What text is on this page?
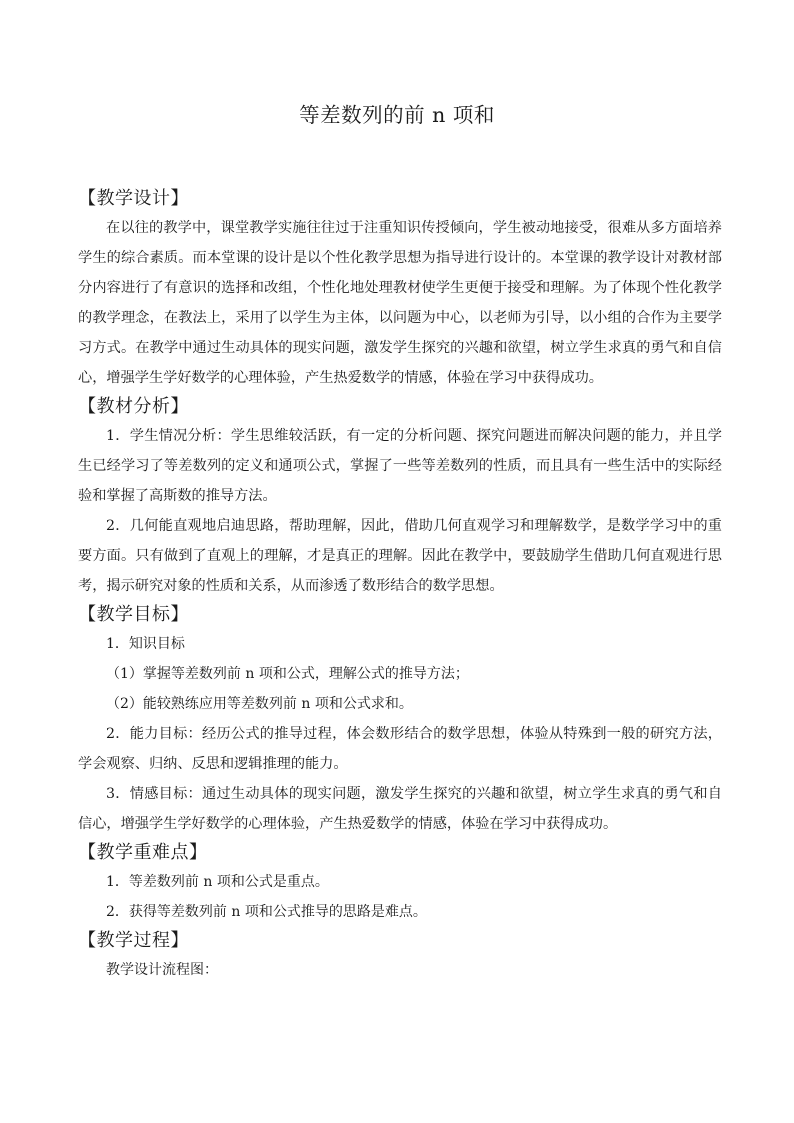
等差数列的前 n 项和
【教学设计】

在以往的教学中，课堂教学实施往往过于注重知识传授倾向，学生被动地接受，很难从多方面培养学生的综合素质。而本堂课的设计是以个性化教学思想为指导进行设计的。本堂课的教学设计对教材部分内容进行了有意识的选择和改组，个性化地处理教材使学生更便于接受和理解。为了体现个性化教学的教学理念，在教法上，采用了以学生为主体，以问题为中心，以老师为引导，以小组的合作为主要学习方式。在教学中通过生动具体的现实问题，激发学生探究的兴趣和欲望，树立学生求真的勇气和自信心，增强学生学好数学的心理体验，产生热爱数学的情感，体验在学习中获得成功。

【教材分析】

1．学生情况分析：学生思维较活跃，有一定的分析问题、探究问题进而解决问题的能力，并且学生已经学习了等差数列的定义和通项公式，掌握了一些等差数列的性质，而且具有一些生活中的实际经验和掌握了高斯数的推导方法。

2．几何能直观地启迪思路，帮助理解，因此，借助几何直观学习和理解数学，是数学学习中的重要方面。只有做到了直观上的理解，才是真正的理解。因此在教学中，要鼓励学生借助几何直观进行思考，揭示研究对象的性质和关系，从而渗透了数形结合的数学思想。

【教学目标】

1．知识目标

（1）掌握等差数列前 n 项和公式，理解公式的推导方法；

（2）能较熟练应用等差数列前 n 项和公式求和。

2．能力目标：经历公式的推导过程，体会数形结合的数学思想，体验从特殊到一般的研究方法，学会观察、归纳、反思和逻辑推理的能力。

3．情感目标：通过生动具体的现实问题，激发学生探究的兴趣和欲望，树立学生求真的勇气和自信心，增强学生学好数学的心理体验，产生热爱数学的情感，体验在学习中获得成功。

【教学重难点】

1．等差数列前 n 项和公式是重点。

2．获得等差数列前 n 项和公式推导的思路是难点。

【教学过程】

教学设计流程图：
